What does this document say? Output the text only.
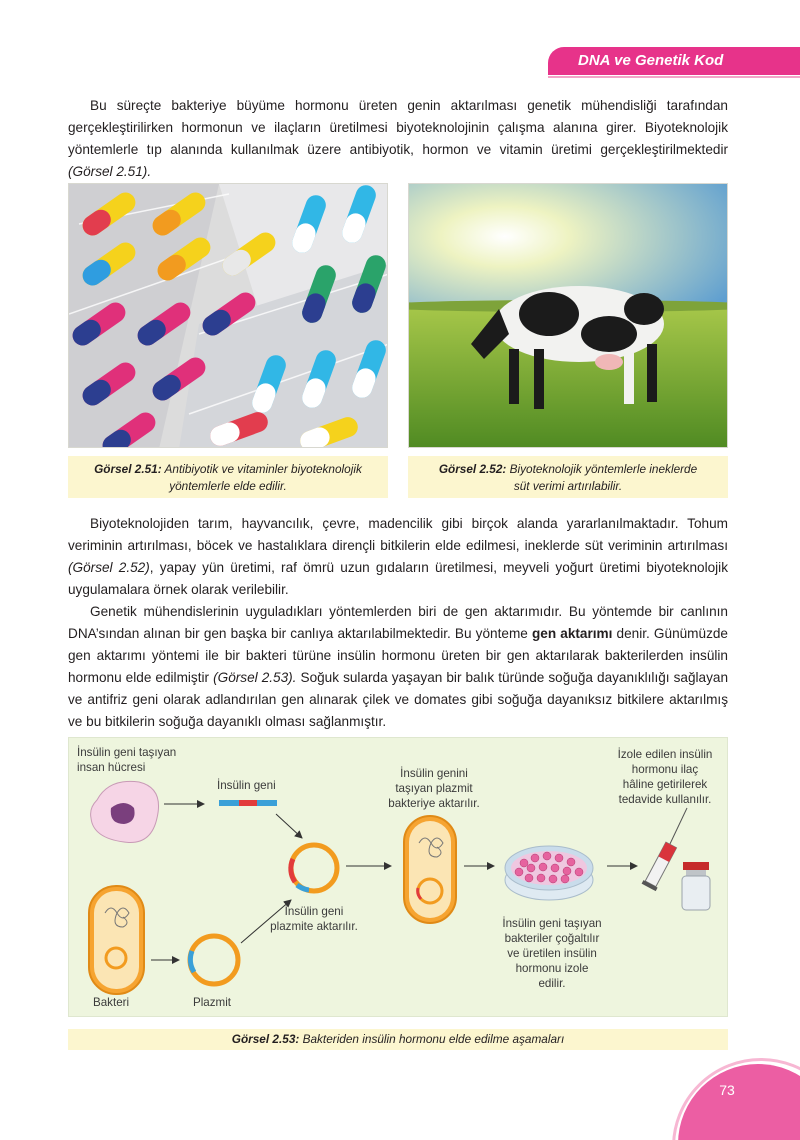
DNA ve Genetik Kod

Bu süreçte bakteriye büyüme hormonu üreten genin aktarılması genetik mühendisliği tarafından gerçekleştirilirken hormonun ve ilaçların üretilmesi biyoteknolojinin çalışma alanına girer. Biyoteknolojik yöntemlerle tıp alanında kullanılmak üzere antibiyotik, hormon ve vitamin üretimi gerçekleştirilmektedir (Görsel 2.51).

Görsel 2.51: Antibiyotik ve vitaminler biyoteknolojik
yöntemlerle elde edilir.
Görsel 2.52: Biyoteknolojik yöntemlerle ineklerde
süt verimi artırılabilir.

Biyoteknolojiden tarım, hayvancılık, çevre, madencilik gibi birçok alanda yararlanılmaktadır. Tohum veriminin artırılması, böcek ve hastalıklara dirençli bitkilerin elde edilmesi, ineklerde süt veriminin artırılması (Görsel 2.52), yapay yün üretimi, raf ömrü uzun gıdaların üretilmesi, meyveli yoğurt üretimi biyoteknolojik uygulamalara örnek olarak verilebilir.

Genetik mühendislerinin uyguladıkları yöntemlerden biri de gen aktarımıdır. Bu yöntemde bir canlının DNA’sından alınan bir gen başka bir canlıya aktarılabilmektedir. Bu yönteme gen aktarımı denir. Günümüzde gen aktarımı yöntemi ile bir bakteri türüne insülin hormonu üreten bir gen aktarılarak bakterilerden insülin hormonu elde edilmiştir (Görsel 2.53). Soğuk sularda yaşayan bir balık türünde soğuğa dayanıklılığı sağlayan ve antifriz geni olarak adlandırılan gen alınarak çilek ve domates gibi soğuğa dayanıksız bitkilere aktarılmış ve bu bitkilerin soğuğa dayanıklı olması sağlanmıştır.

İnsülin geni taşıyan
insan hücresi
İnsülin geni
İnsülin genini
taşıyan plazmit
bakteriye aktarılır.
İzole edilen insülin
hormonu ilaç
hâline getirilerek
tedavide kullanılır.
İnsülin geni
plazmite aktarılır.	İnsülin geni taşıyan
bakteriler çoğaltılır
ve üretilen insülin
hormonu izole
edilir.
Bakteri	Plazmit
Görsel 2.53: Bakteriden insülin hormonu elde edilme aşamaları
73
